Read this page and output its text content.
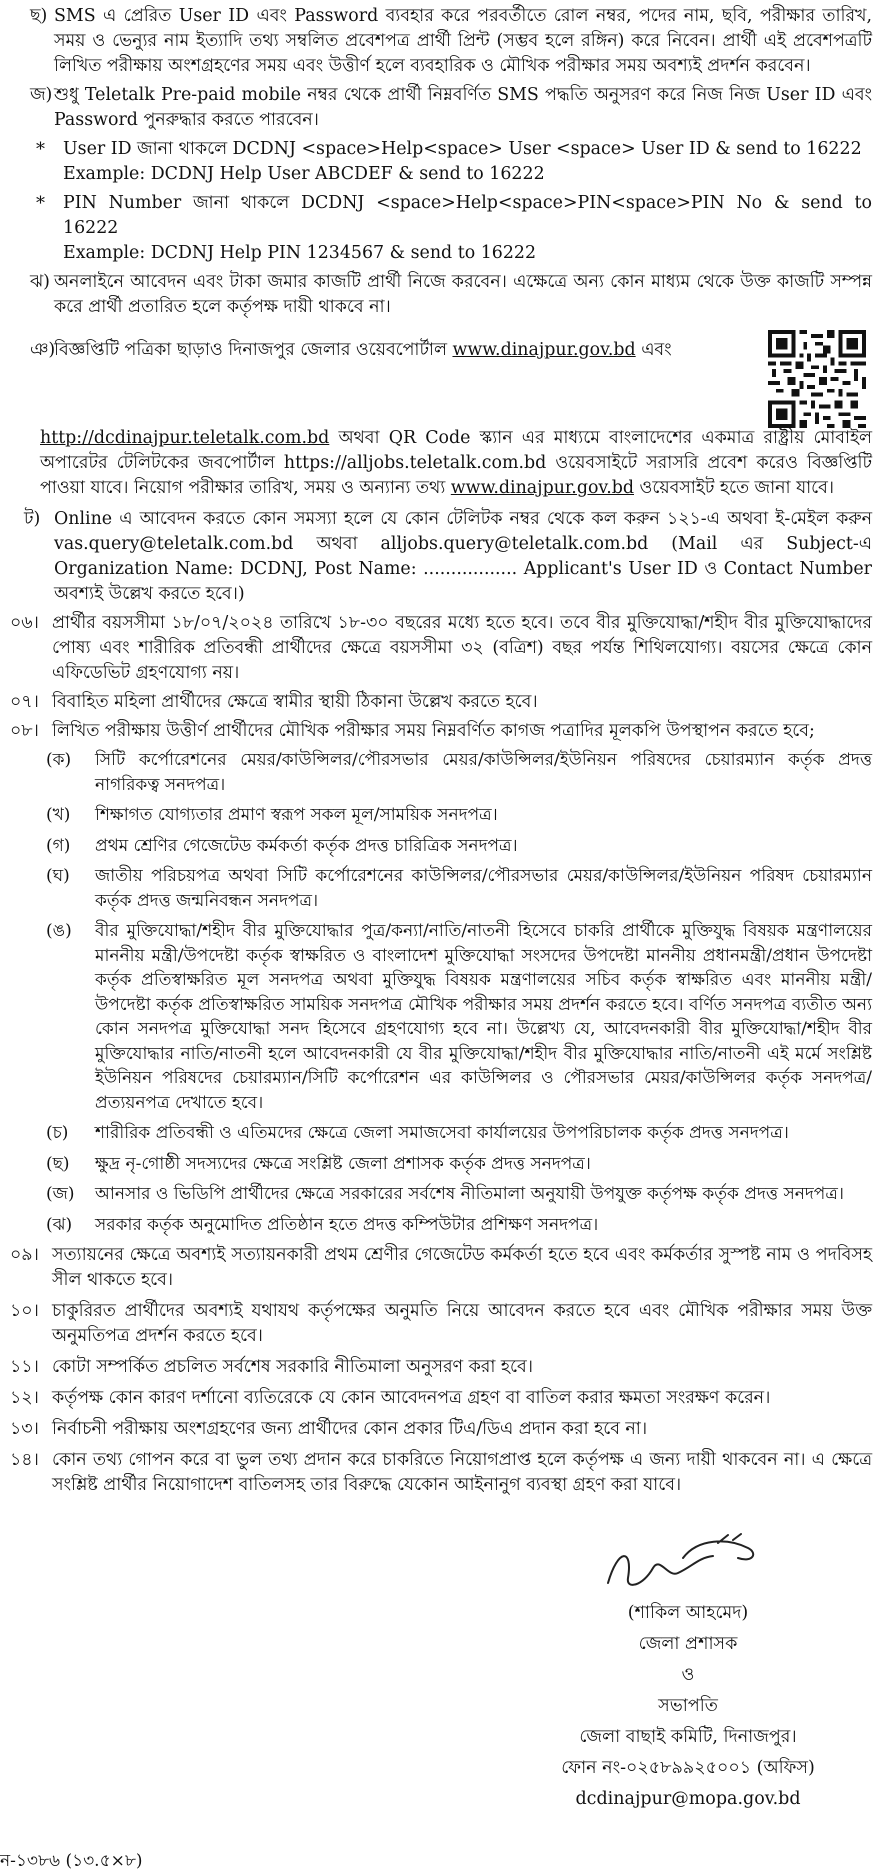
ছ) SMS এ প্রেরিত User ID এবং Password ব্যবহার করে পরবর্তীতে রোল নম্বর, পদের নাম, ছবি, পরীক্ষার তারিখ, সময় ও ভেন্যুর নাম ইত্যাদি তথ্য সম্বলিত প্রবেশপত্র প্রার্থী প্রিন্ট (সম্ভব হলে রঙ্গিন) করে নিবেন। প্রার্থী এই প্রবেশপত্রটি লিখিত পরীক্ষায় অংশগ্রহণের সময় এবং উত্তীর্ণ হলে ব্যবহারিক ও মৌখিক পরীক্ষার সময় অবশ্যই প্রদর্শন করবেন।
জ) শুধু Teletalk Pre-paid mobile নম্বর থেকে প্রার্থী নিম্নবর্ণিত SMS পদ্ধতি অনুসরণ করে নিজ নিজ User ID এবং Password পুনরুদ্ধার করতে পারবেন।
*	User ID জানা থাকলে DCDNJ <space>Help<space> User <space> User ID & send to 16222
Example: DCDNJ Help User ABCDEF & send to 16222
*	PIN Number জানা থাকলে DCDNJ <space>Help<space>PIN<space>PIN No & send to 16222
Example: DCDNJ Help PIN 1234567 & send to 16222
ঝ) অনলাইনে আবেদন এবং টাকা জমার কাজটি প্রার্থী নিজে করবেন। এক্ষেত্রে অন্য কোন মাধ্যম থেকে উক্ত কাজটি সম্পন্ন করে প্রার্থী প্রতারিত হলে কর্তৃপক্ষ দায়ী থাকবে না।
ঞ)
বিজ্ঞপ্তিটি পত্রিকা ছাড়াও দিনাজপুর জেলার ওয়েবপোর্টাল www.dinajpur.gov.bd এবং
http://dcdinajpur.teletalk.com.bd অথবা QR Code স্ক্যান এর মাধ্যমে বাংলাদেশের একমাত্র রাষ্ট্রীয় মোবাইল অপারেটর টেলিটকের জবপোর্টাল https://alljobs.teletalk.com.bd ওয়েবসাইটে সরাসরি প্রবেশ করেও বিজ্ঞপ্তিটি পাওয়া যাবে। নিয়োগ পরীক্ষার তারিখ, সময় ও অন্যান্য তথ্য www.dinajpur.gov.bd ওয়েবসাইট হতে জানা যাবে।
ট) Online এ আবেদন করতে কোন সমস্যা হলে যে কোন টেলিটক নম্বর থেকে কল করুন ১২১-এ অথবা ই-মেইল করুন vas.query@teletalk.com.bd অথবা alljobs.query@teletalk.com.bd (Mail এর Subject-এ Organization Name: DCDNJ, Post Name: ................. Applicant's User ID ও Contact Number অবশ্যই উল্লেখ করতে হবে।)
০৬। প্রার্থীর বয়সসীমা ১৮/০৭/২০২৪ তারিখে ১৮-৩০ বছরের মধ্যে হতে হবে। তবে বীর মুক্তিযোদ্ধা/শহীদ বীর মুক্তিযোদ্ধাদের পোষ্য এবং শারীরিক প্রতিবন্ধী প্রার্থীদের ক্ষেত্রে বয়সসীমা ৩২ (বত্রিশ) বছর পর্যন্ত শিথিলযোগ্য। বয়সের ক্ষেত্রে কোন এফিডেভিট গ্রহণযোগ্য নয়।
০৭। বিবাহিত মহিলা প্রার্থীদের ক্ষেত্রে স্বামীর স্থায়ী ঠিকানা উল্লেখ করতে হবে।
০৮। লিখিত পরীক্ষায় উত্তীর্ণ প্রার্থীদের মৌখিক পরীক্ষার সময় নিম্নবর্ণিত কাগজ পত্রাদির মূলকপি উপস্থাপন করতে হবে;
(ক)	সিটি কর্পোরেশনের মেয়র/কাউন্সিলর/পৌরসভার মেয়র/কাউন্সিলর/ইউনিয়ন পরিষদের চেয়ারম্যান কর্তৃক প্রদত্ত নাগরিকত্ব সনদপত্র।
(খ)	শিক্ষাগত যোগ্যতার প্রমাণ স্বরূপ সকল মূল/সাময়িক সনদপত্র।
(গ)	প্রথম শ্রেণির গেজেটেড কর্মকর্তা কর্তৃক প্রদত্ত চারিত্রিক সনদপত্র।
(ঘ)	জাতীয় পরিচয়পত্র অথবা সিটি কর্পোরেশনের কাউন্সিলর/পৌরসভার মেয়র/কাউন্সিলর/ইউনিয়ন পরিষদ চেয়ারম্যান কর্তৃক প্রদত্ত জন্মনিবন্ধন সনদপত্র।
(ঙ)	বীর মুক্তিযোদ্ধা/শহীদ বীর মুক্তিযোদ্ধার পুত্র/কন্যা/নাতি/নাতনী হিসেবে চাকরি প্রার্থীকে মুক্তিযুদ্ধ বিষয়ক মন্ত্রণালয়ের মাননীয় মন্ত্রী/উপদেষ্টা কর্তৃক স্বাক্ষরিত ও বাংলাদেশ মুক্তিযোদ্ধা সংসদের উপদেষ্টা মাননীয় প্রধানমন্ত্রী/প্রধান উপদেষ্টা কর্তৃক প্রতিস্বাক্ষরিত মূল সনদপত্র অথবা মুক্তিযুদ্ধ বিষয়ক মন্ত্রণালয়ের সচিব কর্তৃক স্বাক্ষরিত এবং মাননীয় মন্ত্রী/উপদেষ্টা কর্তৃক প্রতিস্বাক্ষরিত সাময়িক সনদপত্র মৌখিক পরীক্ষার সময় প্রদর্শন করতে হবে। বর্ণিত সনদপত্র ব্যতীত অন্য কোন সনদপত্র মুক্তিযোদ্ধা সনদ হিসেবে গ্রহণযোগ্য হবে না। উল্লেখ্য যে, আবেদনকারী বীর মুক্তিযোদ্ধা/শহীদ বীর মুক্তিযোদ্ধার নাতি/নাতনী হলে আবেদনকারী যে বীর মুক্তিযোদ্ধা/শহীদ বীর মুক্তিযোদ্ধার নাতি/নাতনী এই মর্মে সংশ্লিষ্ট ইউনিয়ন পরিষদের চেয়ারম্যান/সিটি কর্পোরেশন এর কাউন্সিলর ও পৌরসভার মেয়র/কাউন্সিলর কর্তৃক সনদপত্র/প্রত্যয়নপত্র দেখাতে হবে।
(চ)	শারীরিক প্রতিবন্ধী ও এতিমদের ক্ষেত্রে জেলা সমাজসেবা কার্যালয়ের উপপরিচালক কর্তৃক প্রদত্ত সনদপত্র।
(ছ)	ক্ষুদ্র নৃ-গোষ্ঠী সদস্যদের ক্ষেত্রে সংশ্লিষ্ট জেলা প্রশাসক কর্তৃক প্রদত্ত সনদপত্র।
(জ)	আনসার ও ভিডিপি প্রার্থীদের ক্ষেত্রে সরকারের সর্বশেষ নীতিমালা অনুযায়ী উপযুক্ত কর্তৃপক্ষ কর্তৃক প্রদত্ত সনদপত্র।
(ঝ)	সরকার কর্তৃক অনুমোদিত প্রতিষ্ঠান হতে প্রদত্ত কম্পিউটার প্রশিক্ষণ সনদপত্র।
০৯। সত্যায়নের ক্ষেত্রে অবশ্যই সত্যায়নকারী প্রথম শ্রেণীর গেজেটেড কর্মকর্তা হতে হবে এবং কর্মকর্তার সুস্পষ্ট নাম ও পদবিসহ সীল থাকতে হবে।
১০। চাকুরিরত প্রার্থীদের অবশ্যই যথাযথ কর্তৃপক্ষের অনুমতি নিয়ে আবেদন করতে হবে এবং মৌখিক পরীক্ষার সময় উক্ত অনুমতিপত্র প্রদর্শন করতে হবে।
১১। কোটা সম্পর্কিত প্রচলিত সর্বশেষ সরকারি নীতিমালা অনুসরণ করা হবে।
১২। কর্তৃপক্ষ কোন কারণ দর্শানো ব্যতিরেকে যে কোন আবেদনপত্র গ্রহণ বা বাতিল করার ক্ষমতা সংরক্ষণ করেন।
১৩। নির্বাচনী পরীক্ষায় অংশগ্রহণের জন্য প্রার্থীদের কোন প্রকার টিএ/ডিএ প্রদান করা হবে না।
১৪। কোন তথ্য গোপন করে বা ভুল তথ্য প্রদান করে চাকরিতে নিয়োগপ্রাপ্ত হলে কর্তৃপক্ষ এ জন্য দায়ী থাকবেন না। এ ক্ষেত্রে সংশ্লিষ্ট প্রার্থীর নিয়োগাদেশ বাতিলসহ তার বিরুদ্ধে যেকোন আইনানুগ ব্যবস্থা গ্রহণ করা যাবে।
(শাকিল আহমেদ)
জেলা প্রশাসক
ও
সভাপতি
জেলা বাছাই কমিটি, দিনাজপুর।
ফোন নং-০২৫৮৯৯২৫০০১ (অফিস)
dcdinajpur@mopa.gov.bd
ন-১৩৮৬ (১৩.৫×৮)
